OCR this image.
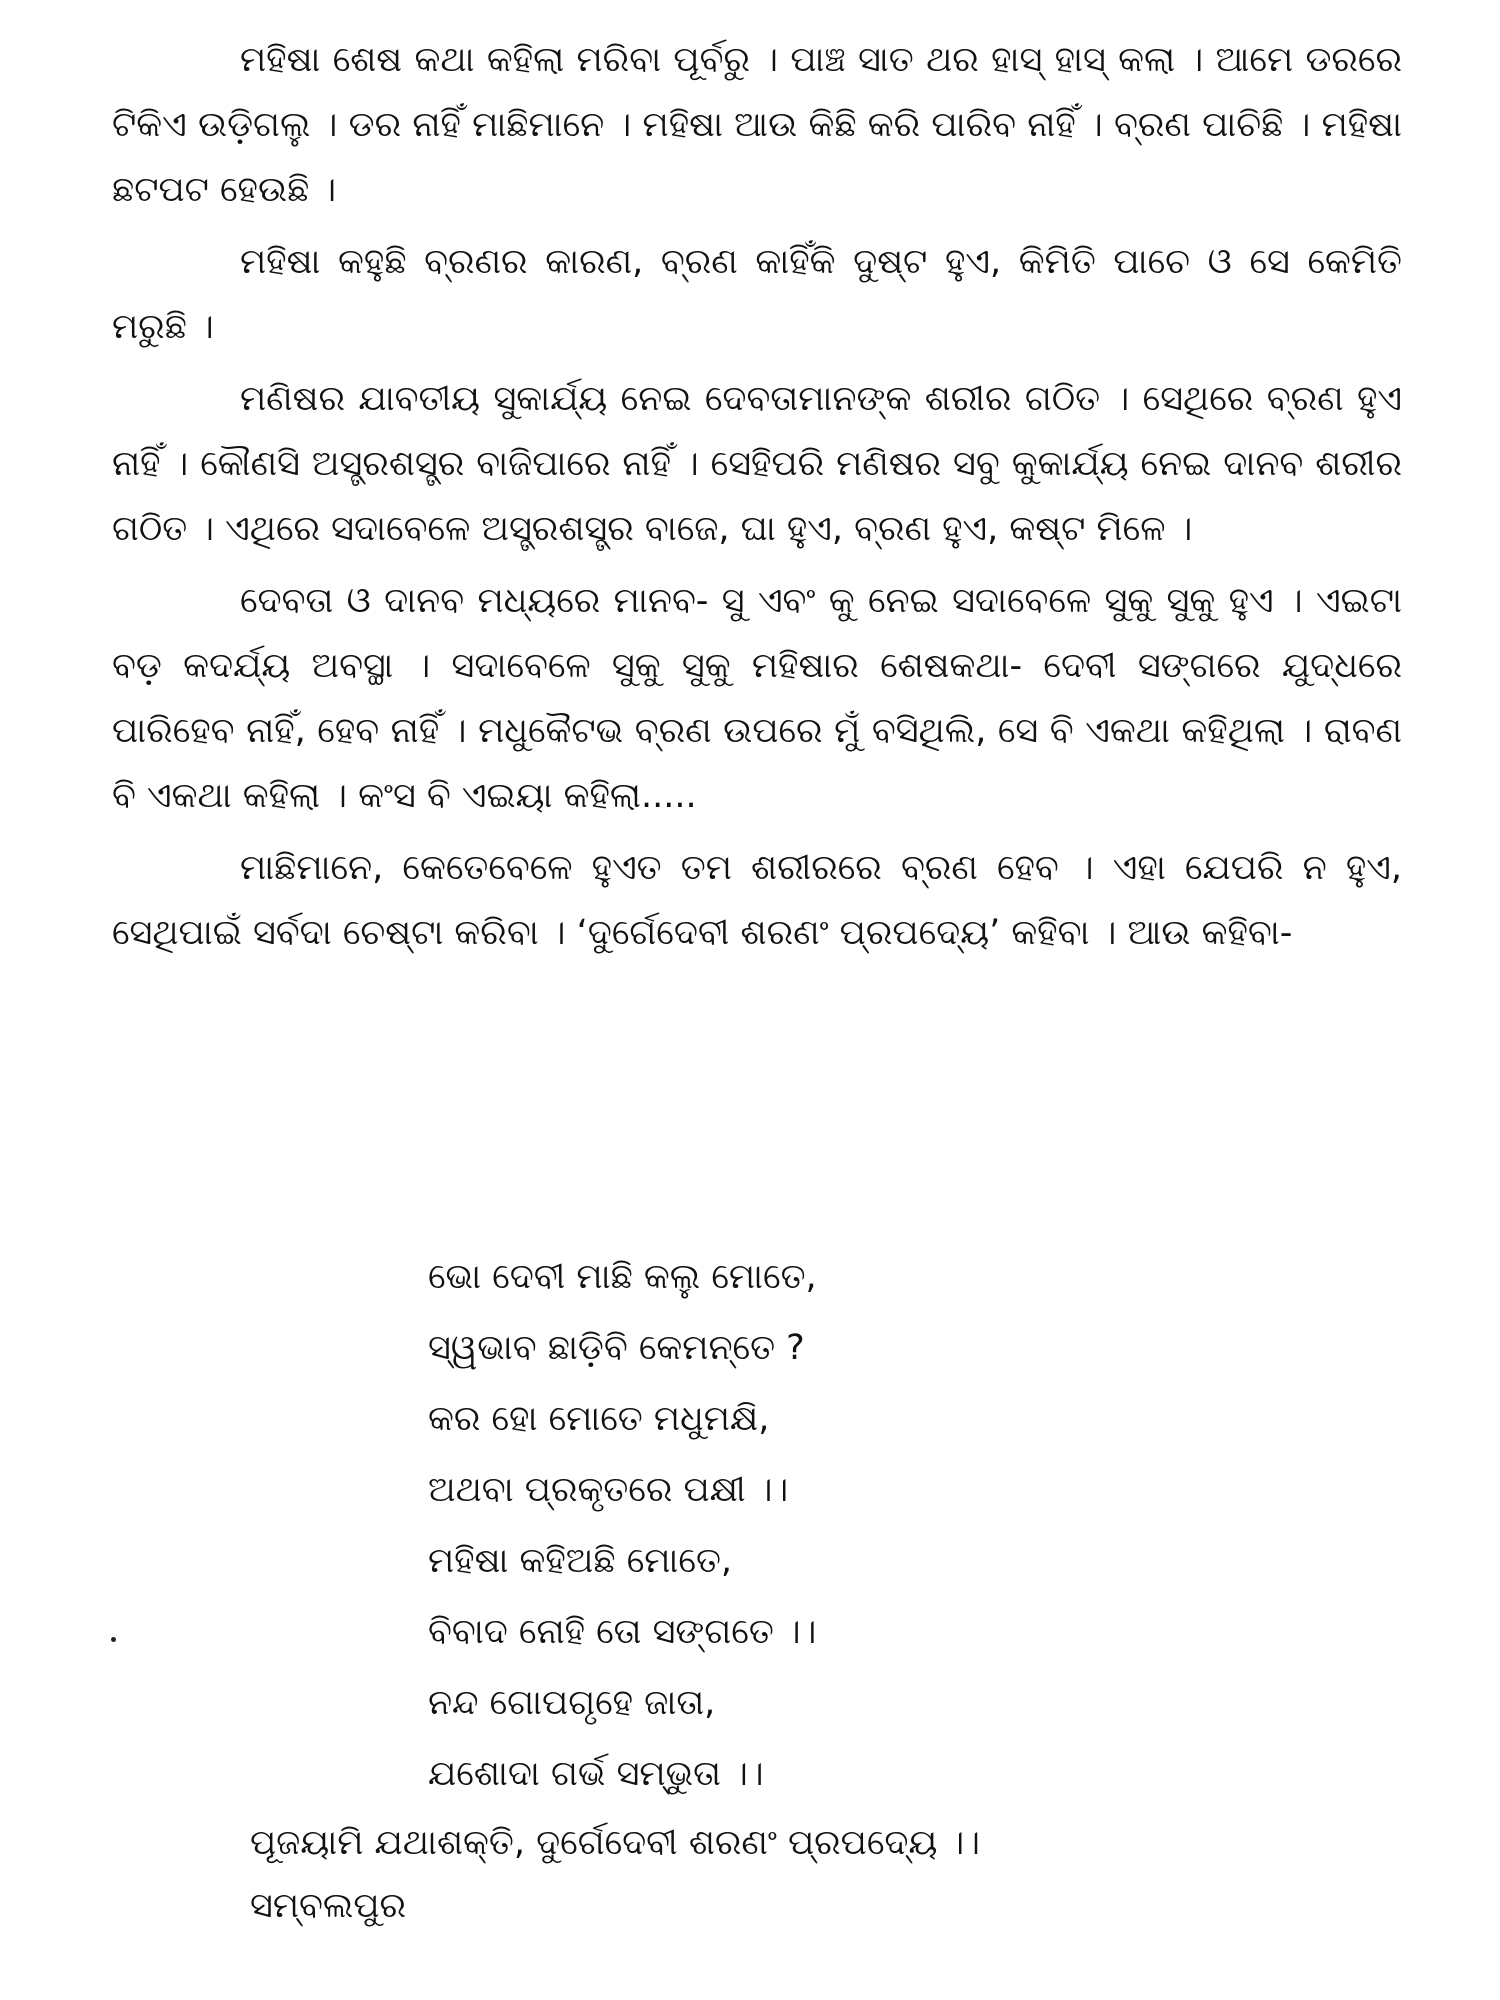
ମହିଷା ଶେଷ କଥା କହିଲା ମରିବା ପୂର୍ବରୁ । ପାଞ୍ଚ ସାତ ଥର ହାସ୍ ହାସ୍ କଲା । ଆମେ ଡରରେ ଟିକିଏ ଉଡ଼ିଗଲୁ । ଡର ନାହିଁ ମାଛିମାନେ । ମହିଷା ଆଉ କିଛି କରି ପାରିବ ନାହିଁ । ବ୍ରଣ ପାଚିଛି । ମହିଷା ଛଟପଟ ହେଉଛି ।

ମହିଷା କହୁଛି ବ୍ରଣର କାରଣ, ବ୍ରଣ କାହିଁକି ଦୁଷ୍ଟ ହୁଏ, କିମିତି ପାଚେ ଓ ସେ କେମିତି ମରୁଛି ।

ମଣିଷର ଯାବତୀୟ ସୁକାର୍ଯ୍ୟ ନେଇ ଦେବତାମାନଙ୍କ ଶରୀର ଗଠିତ । ସେଥିରେ ବ୍ରଣ ହୁଏ ନାହିଁ । କୌଣସି ଅସ୍ତ୍ରଶସ୍ତ୍ର ବାଜିପାରେ ନାହିଁ । ସେହିପରି ମଣିଷର ସବୁ କୁକାର୍ଯ୍ୟ ନେଇ ଦାନବ ଶରୀର ଗଠିତ । ଏଥିରେ ସଦାବେଳେ ଅସ୍ତ୍ରଶସ୍ତ୍ର ବାଜେ, ଘା ହୁଏ, ବ୍ରଣ ହୁଏ, କଷ୍ଟ ମିଳେ ।

ଦେବତା ଓ ଦାନବ ମଧ୍ୟରେ ମାନବ- ସୁ ଏବଂ କୁ ନେଇ ସଦାବେଳେ ସୁକୁ ସୁକୁ ହୁଏ । ଏଇଟା ବଡ଼ କଦର୍ଯ୍ୟ ଅବସ୍ଥା । ସଦାବେଳେ ସୁକୁ ସୁକୁ ମହିଷାର ଶେଷକଥା- ଦେବୀ ସଙ୍ଗରେ ଯୁଦ୍ଧରେ ପାରିହେବ ନାହିଁ, ହେବ ନାହିଁ । ମଧୁକୈଟଭ ବ୍ରଣ ଉପରେ ମୁଁ ବସିଥିଲି, ସେ ବି ଏକଥା କହିଥିଲା । ରାବଣ ବି ଏକଥା କହିଲା । କଂସ ବି ଏଇୟା କହିଲା.....

ମାଛିମାନେ, କେତେବେଳେ ହୁଏତ ତମ ଶରୀରରେ ବ୍ରଣ ହେବ । ଏହା ଯେପରି ନ ହୁଏ, ସେଥିପାଇଁ ସର୍ବଦା ଚେଷ୍ଟା କରିବା । ‘ଦୁର୍ଗେଦେବୀ ଶରଣଂ ପ୍ରପଦ୍ୟେ’ କହିବା । ଆଉ କହିବା-

ଭୋ ଦେବୀ ମାଛି କଲୁ ମୋତେ,

ସ୍ୱଭାବ ଛାଡ଼ିବି କେମନ୍ତେ ?

କର ହୋ ମୋତେ ମଧୁମକ୍ଷି,

ଅଥବା ପ୍ରକୃତରେ ପକ୍ଷୀ ।।

ମହିଷା କହିଅଛି ମୋତେ,

ବିବାଦ ନୋହି ତୋ ସଙ୍ଗତେ ।।

ନନ୍ଦ ଗୋପଗୃହେ ଜାତା,

ଯଶୋଦା ଗର୍ଭ ସମ୍ଭୁତା ।।

ପୂଜୟାମି ଯଥାଶକ୍ତି, ଦୁର୍ଗେଦେବୀ ଶରଣଂ ପ୍ରପଦ୍ୟେ ।।

ସମ୍ବଲପୁର
